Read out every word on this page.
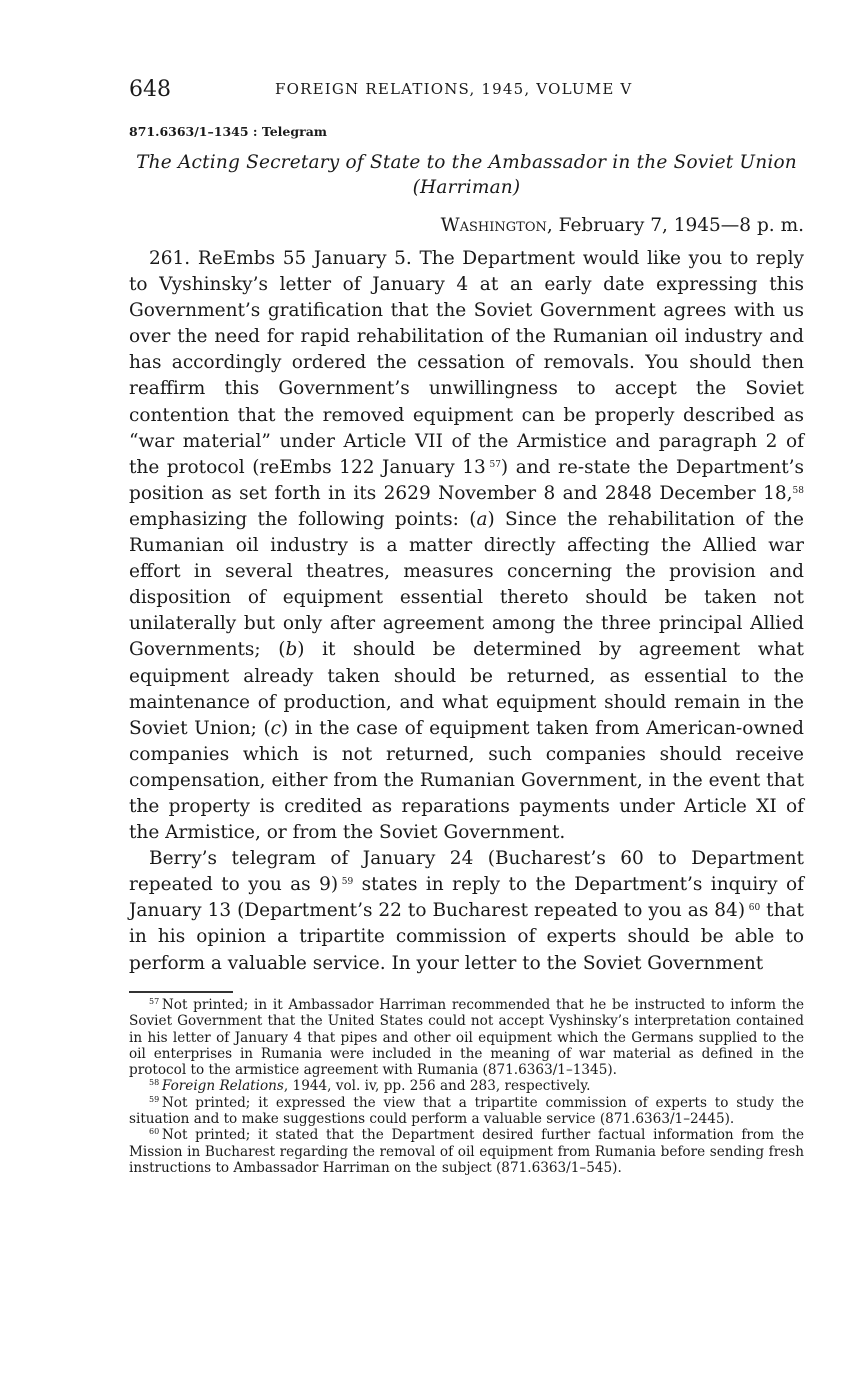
648	FOREIGN RELATIONS, 1945, VOLUME V
871.6363/1–1345 : Telegram
The Acting Secretary of State to the Ambassador in the Soviet Union
(Harriman)
Washington, February 7, 1945—8 p. m.

261. ReEmbs 55 January 5. The Department would like you to reply to Vyshinsky’s letter of January 4 at an early date expressing this Government’s gratification that the Soviet Government agrees with us over the need for rapid rehabilitation of the Rumanian oil industry and has accordingly ordered the cessation of removals. You should then reaffirm this Government’s unwillingness to accept the Soviet contention that the removed equipment can be properly described as “war material” under Article VII of the Armistice and paragraph 2 of the protocol (reEmbs 122 January 13  $^{57}$) and re-state the Department’s position as set forth in its 2629 November 8 and 2848 December 18,58 emphasizing the following points: (a) Since the rehabilitation of the Rumanian oil industry is a matter directly affecting the Allied war effort in several theatres, measures concerning the provision and disposition of equipment essential thereto should be taken not unilaterally but only after agreement among the three principal Allied Governments; (b) it should be determined by agreement what equipment already taken should be returned, as essential to the maintenance of production, and what equipment should remain in the Soviet Union; (c) in the case of equipment taken from American-owned companies which is not returned, such companies should receive compensation, either from the Rumanian Government, in the event that the property is credited as reparations payments under Article XI of the Armistice, or from the Soviet Government.

Berry’s telegram of January 24 (Bucharest’s 60 to Department repeated to you as 9)  $^{59}$ states in reply to the Department’s inquiry of January 13 (Department’s 22 to Bucharest repeated to you as 84)  $^{60}$ that in his opinion a tripartite commission of experts should be able to perform a valuable service. In your letter to the Soviet Government

$^{57}$  Not printed; in it Ambassador Harriman recommended that he be instructed to inform the Soviet Government that the United States could not accept Vyshinsky’s interpretation contained in his letter of January 4 that pipes and other oil equipment which the Germans supplied to the oil enterprises in Rumania were included in the meaning of war material as defined in the protocol to the armistice agreement with Rumania (871.6363/1–1345).

$^{58}$  Foreign Relations, 1944, vol. iv, pp. 256 and 283, respectively.

$^{59}$  Not printed; it expressed the view that a tripartite commission of experts to study the situation and to make suggestions could perform a valuable service (871.6363/1–2445).

$^{60}$  Not printed; it stated that the Department desired further factual information from the Mission in Bucharest regarding the removal of oil equipment from Rumania before sending fresh instructions to Ambassador Harriman on the subject (871.6363/1–545).
